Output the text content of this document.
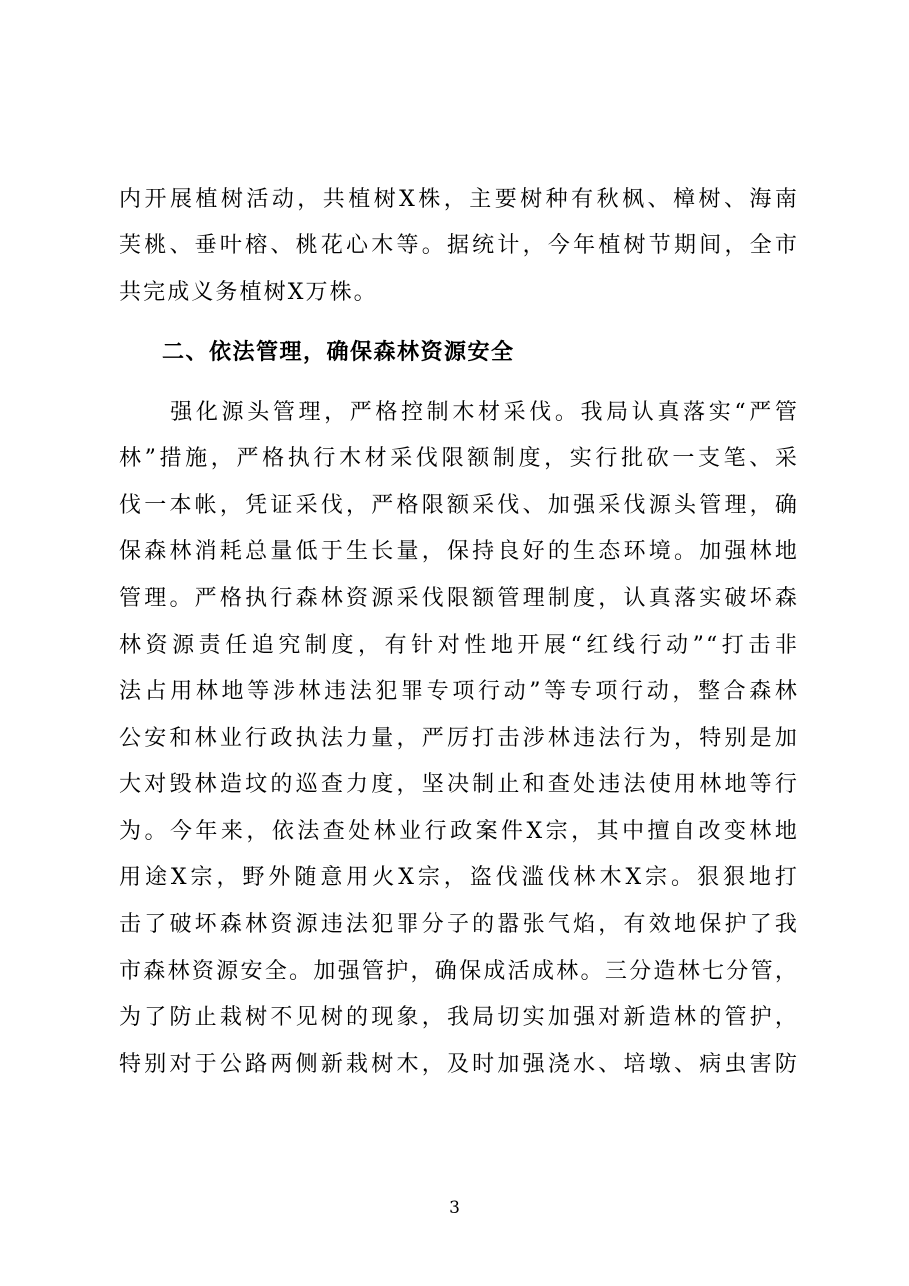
内开展植树活动，共植树X株，主要树种有秋枫、樟树、海南
芙桃、垂叶榕、桃花心木等。据统计，今年植树节期间，全市
共完成义务植树X万株。
二、依法管理，确保森林资源安全
　　强化源头管理，严格控制木材采伐。我局认真落实“严管
林”措施，严格执行木材采伐限额制度，实行批砍一支笔、采
伐一本帐，凭证采伐，严格限额采伐、加强采伐源头管理，确
保森林消耗总量低于生长量，保持良好的生态环境。加强林地
管理。严格执行森林资源采伐限额管理制度，认真落实破坏森
林资源责任追究制度，有针对性地开展“红线行动”“打击非
法占用林地等涉林违法犯罪专项行动”等专项行动，整合森林
公安和林业行政执法力量，严厉打击涉林违法行为，特别是加
大对毁林造坟的巡查力度，坚决制止和查处违法使用林地等行
为。今年来，依法查处林业行政案件X宗，其中擅自改变林地
用途X宗，野外随意用火X宗，盗伐滥伐林木X宗。狠狠地打
击了破坏森林资源违法犯罪分子的嚣张气焰，有效地保护了我
市森林资源安全。加强管护，确保成活成林。三分造林七分管，
为了防止栽树不见树的现象，我局切实加强对新造林的管护，
特别对于公路两侧新栽树木，及时加强浇水、培墩、病虫害防
3
